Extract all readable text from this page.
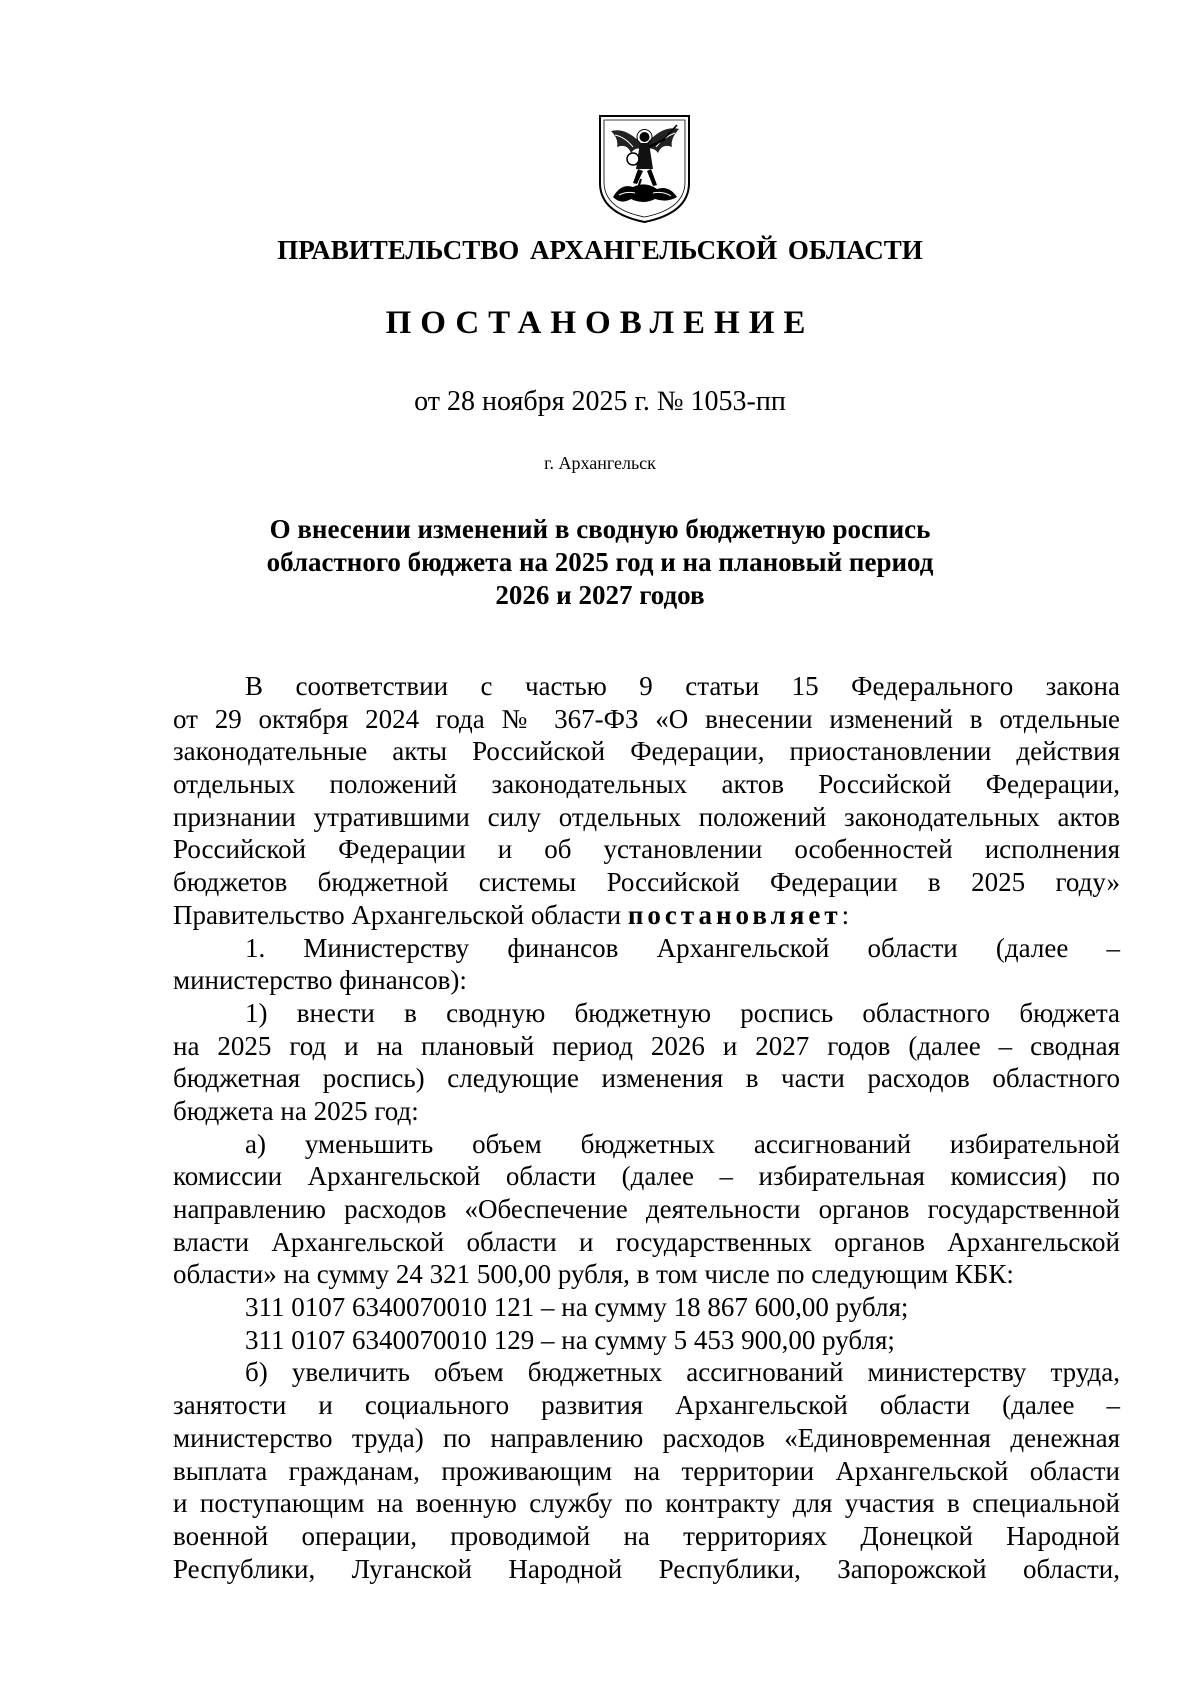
ПРАВИТЕЛЬСТВО АРХАНГЕЛЬСКОЙ ОБЛАСТИ
ПОСТАНОВЛЕНИЕ
от 28 ноября 2025 г. № 1053-пп
г. Архангельск
О внесении изменений в сводную бюджетную роспись
областного бюджета на 2025 год и на плановый период
2026 и 2027 годов
В соответствии с частью 9 статьи 15 Федерального закона
от 29 октября 2024 года № 367-ФЗ «О внесении изменений в отдельные
законодательные акты Российской Федерации, приостановлении действия
отдельных положений законодательных актов Российской Федерации,
признании утратившими силу отдельных положений законодательных актов
Российской Федерации и об установлении особенностей исполнения
бюджетов бюджетной системы Российской Федерации в 2025 году»
Правительство Архангельской области постановляет:
1. Министерству финансов Архангельской области (далее –
министерство финансов):
1) внести в сводную бюджетную роспись областного бюджета
на 2025 год и на плановый период 2026 и 2027 годов (далее – сводная
бюджетная роспись) следующие изменения в части расходов областного
бюджета на 2025 год:
а) уменьшить объем бюджетных ассигнований избирательной
комиссии Архангельской области (далее – избирательная комиссия) по
направлению расходов «Обеспечение деятельности органов государственной
власти Архангельской области и государственных органов Архангельской
области» на сумму 24 321 500,00 рубля, в том числе по следующим КБК:
311 0107 6340070010 121 – на сумму 18 867 600,00 рубля;
311 0107 6340070010 129 – на сумму 5 453 900,00 рубля;
б) увеличить объем бюджетных ассигнований министерству труда,
занятости и социального развития Архангельской области (далее –
министерство труда) по направлению расходов «Единовременная денежная
выплата гражданам, проживающим на территории Архангельской области
и поступающим на военную службу по контракту для участия в специальной
военной операции, проводимой на территориях Донецкой Народной
Республики, Луганской Народной Республики, Запорожской области,
